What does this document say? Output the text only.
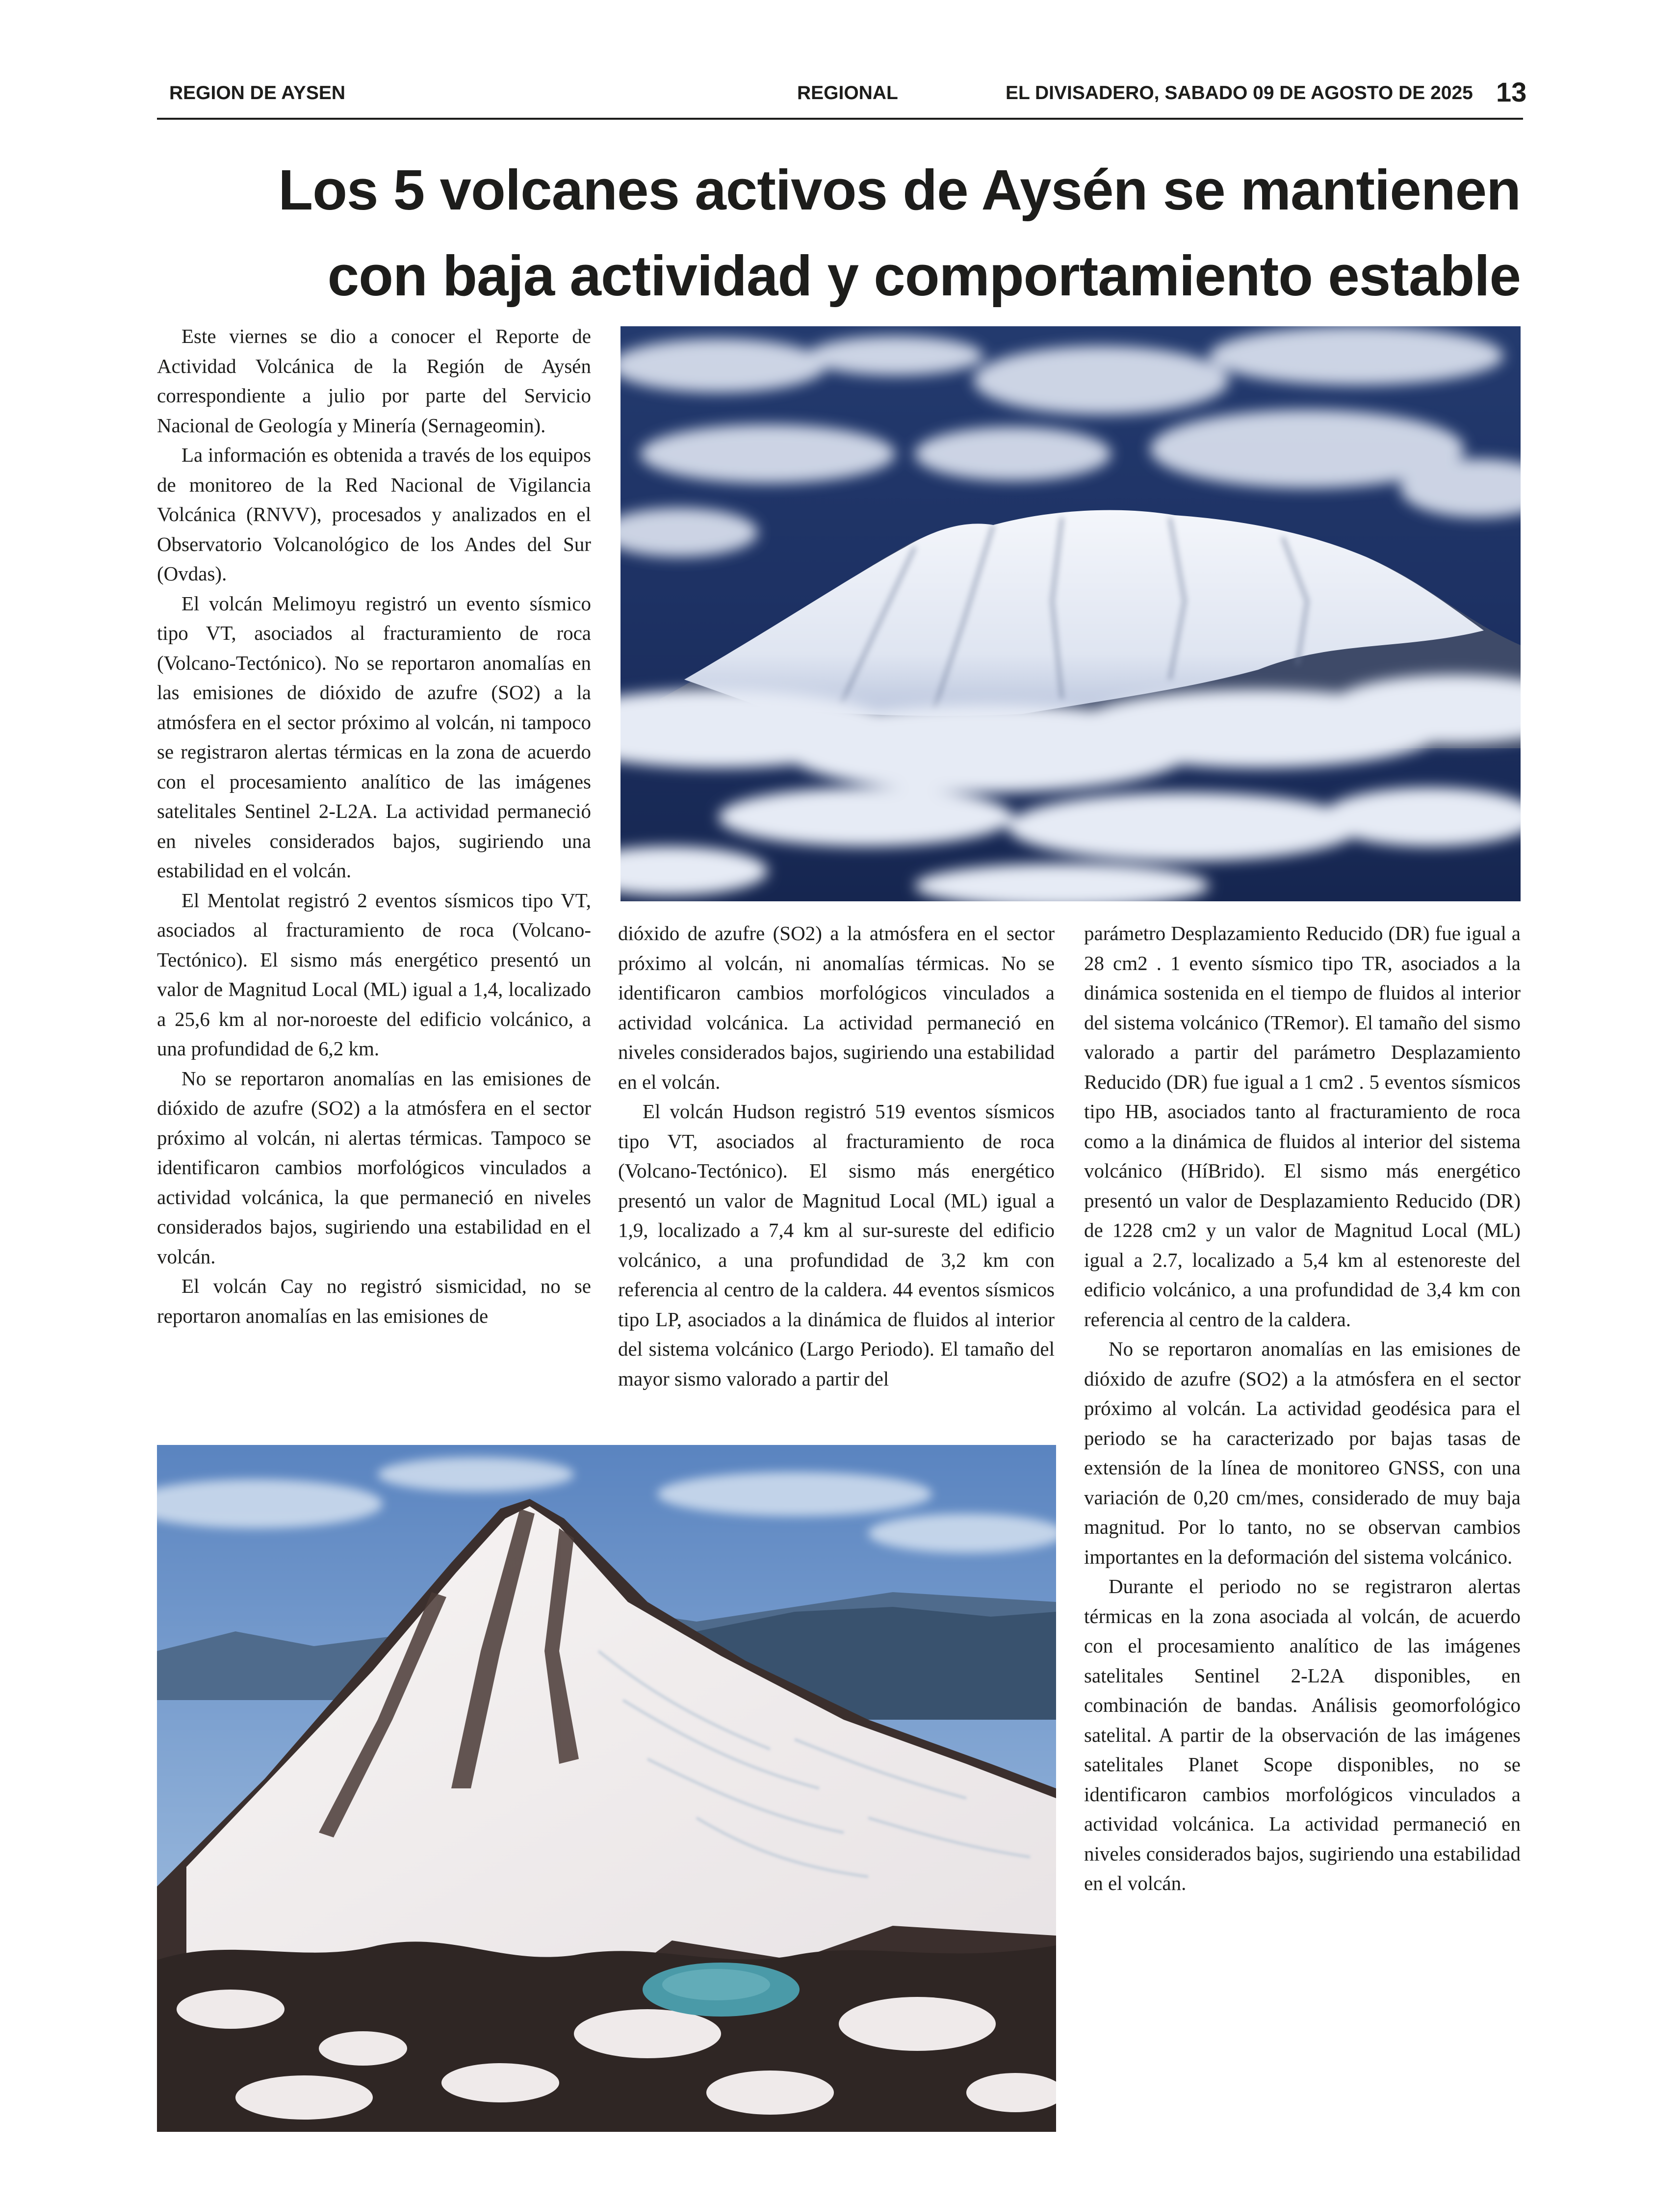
REGION DE AYSEN	REGIONAL	EL DIVISADERO, SABADO 09 DE AGOSTO DE 2025 13
Los 5 volcanes activos de Aysén se mantienen
con baja actividad y comportamiento estable

Este viernes se dio a conocer el Reporte de Actividad Volcánica de la Región de Aysén correspondiente a julio por parte del Servicio Nacional de Geología y Minería (Sernageomin).

La información es obtenida a través de los equipos de monitoreo de la Red Nacional de Vigilancia Volcánica (RNVV), procesados y analizados en el Observatorio Volcanológico de los Andes del Sur (Ovdas).

El volcán Melimoyu registró un evento sísmico tipo VT, asociados al fracturamiento de roca (Volcano-Tectónico). No se reportaron anomalías en las emisiones de dióxido de azufre (SO2) a la atmósfera en el sector próximo al volcán, ni tampoco se registraron alertas térmicas en la zona de acuerdo con el procesamiento analítico de las imágenes satelitales Sentinel 2-L2A. La actividad permaneció en niveles considerados bajos, sugiriendo una estabilidad en el volcán.

El Mentolat registró 2 eventos sísmicos tipo VT, asociados al fracturamiento de roca (Volcano-Tectónico). El sismo más energético presentó un valor de Magnitud Local (ML) igual a 1,4, localizado a 25,6 km al nor-noroeste del edificio volcánico, a una profundidad de 6,2 km.

No se reportaron anomalías en las emisiones de dióxido de azufre (SO2) a la atmósfera en el sector próximo al volcán, ni alertas térmicas. Tampoco se identificaron cambios morfológicos vinculados a actividad volcánica, la que permaneció en niveles considerados bajos, sugiriendo una estabilidad en el volcán.

El volcán Cay no registró sismicidad, no se reportaron anomalías en las emisiones de

dióxido de azufre (SO2) a la atmósfera en el sector próximo al volcán, ni anomalías térmicas. No se identificaron cambios morfológicos vinculados a actividad volcánica. La actividad permaneció en niveles considerados bajos, sugiriendo una estabilidad en el volcán.

El volcán Hudson registró 519 eventos sísmicos tipo VT, asociados al fracturamiento de roca (Volcano-Tectónico). El sismo más energético presentó un valor de Magnitud Local (ML) igual a 1,9, localizado a 7,4 km al sur-sureste del edificio volcánico, a una profundidad de 3,2 km con referencia al centro de la caldera. 44 eventos sísmicos tipo LP, asociados a la dinámica de fluidos al interior del sistema volcánico (Largo Periodo). El tamaño del mayor sismo valorado a partir del

parámetro Desplazamiento Reducido (DR) fue igual a 28 cm2 . 1 evento sísmico tipo TR, asociados a la dinámica sostenida en el tiempo de fluidos al interior del sistema volcánico (TRemor). El tamaño del sismo valorado a partir del parámetro Desplazamiento Reducido (DR) fue igual a 1 cm2 . 5 eventos sísmicos tipo HB, asociados tanto al fracturamiento de roca como a la dinámica de fluidos al interior del sistema volcánico (HíBrido). El sismo más energético presentó un valor de Desplazamiento Reducido (DR) de 1228 cm2 y un valor de Magnitud Local (ML) igual a 2.7, localizado a 5,4 km al estenoreste del edificio volcánico, a una profundidad de 3,4 km con referencia al centro de la caldera.

No se reportaron anomalías en las emisiones de dióxido de azufre (SO2) a la atmósfera en el sector próximo al volcán. La actividad geodésica para el periodo se ha caracterizado por bajas tasas de extensión de la línea de monitoreo GNSS, con una variación de 0,20 cm/mes, considerado de muy baja magnitud. Por lo tanto, no se observan cambios importantes en la deformación del sistema volcánico.

Durante el periodo no se registraron alertas térmicas en la zona asociada al volcán, de acuerdo con el procesamiento analítico de las imágenes satelitales Sentinel 2-L2A disponibles, en combinación de bandas. Análisis geomorfológico satelital. A partir de la observación de las imágenes satelitales Planet Scope disponibles, no se identificaron cambios morfológicos vinculados a actividad volcánica. La actividad permaneció en niveles considerados bajos, sugiriendo una estabilidad en el volcán.
